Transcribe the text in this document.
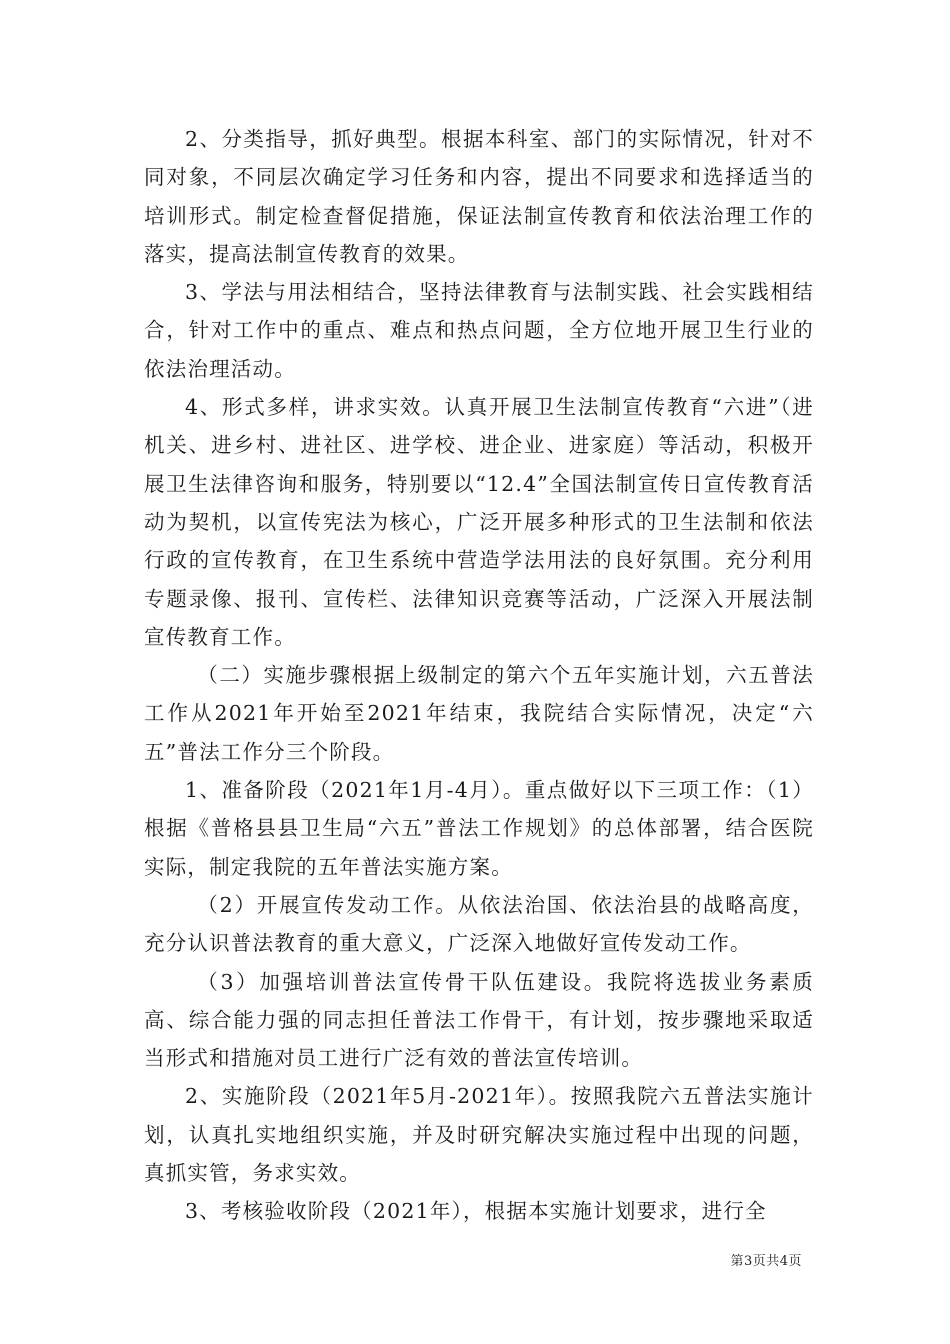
2、分类指导，抓好典型。根据本科室、部门的实际情况，针对不同对象，不同层次确定学习任务和内容，提出不同要求和选择适当的培训形式。制定检查督促措施，保证法制宣传教育和依法治理工作的落实，提高法制宣传教育的效果。

3、学法与用法相结合，坚持法律教育与法制实践、社会实践相结合，针对工作中的重点、难点和热点问题，全方位地开展卫生行业的依法治理活动。

4、形式多样，讲求实效。认真开展卫生法制宣传教育“六进”（进机关、进乡村、进社区、进学校、进企业、进家庭）等活动，积极开展卫生法律咨询和服务，特别要以“12.4”全国法制宣传日宣传教育活动为契机，以宣传宪法为核心，广泛开展多种形式的卫生法制和依法行政的宣传教育，在卫生系统中营造学法用法的良好氛围。充分利用专题录像、报刊、宣传栏、法律知识竞赛等活动，广泛深入开展法制宣传教育工作。

（二）实施步骤根据上级制定的第六个五年实施计划，六五普法工作从2021年开始至2021年结束，我院结合实际情况，决定“六五”普法工作分三个阶段。

1、准备阶段（2021年1月-4月）。重点做好以下三项工作：（1）根据《普格县县卫生局“六五”普法工作规划》的总体部署，结合医院实际，制定我院的五年普法实施方案。

（2）开展宣传发动工作。从依法治国、依法治县的战略高度，充分认识普法教育的重大意义，广泛深入地做好宣传发动工作。

（3）加强培训普法宣传骨干队伍建设。我院将选拔业务素质高、综合能力强的同志担任普法工作骨干，有计划，按步骤地采取适当形式和措施对员工进行广泛有效的普法宣传培训。

2、实施阶段（2021年5月-2021年）。按照我院六五普法实施计划，认真扎实地组织实施，并及时研究解决实施过程中出现的问题，真抓实管，务求实效。

3、考核验收阶段（2021年），根据本实施计划要求，进行全

第3页共4页
